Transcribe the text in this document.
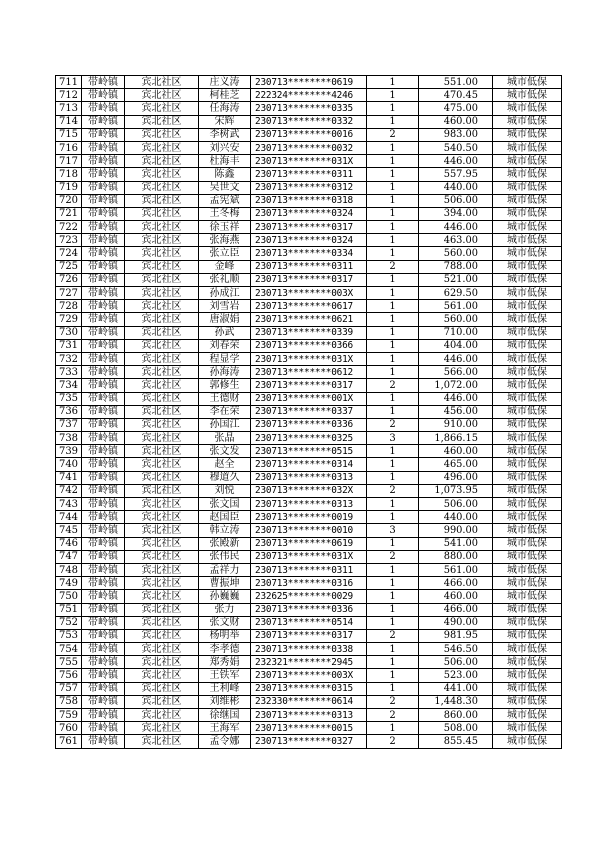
711	带岭镇	宾北社区	庄义涛	230713********0619	1	551.00	城市低保
712	带岭镇	宾北社区	柯桂芝	222324********4246	1	470.45	城市低保
713	带岭镇	宾北社区	任海涛	230713********0335	1	475.00	城市低保
714	带岭镇	宾北社区	宋辉	230713********0332	1	460.00	城市低保
715	带岭镇	宾北社区	李树武	230713********0016	2	983.00	城市低保
716	带岭镇	宾北社区	刘兴安	230713********0032	1	540.50	城市低保
717	带岭镇	宾北社区	杜海丰	230713********031X	1	446.00	城市低保
718	带岭镇	宾北社区	陈鑫	230713********0311	1	557.95	城市低保
719	带岭镇	宾北社区	吴世文	230713********0312	1	440.00	城市低保
720	带岭镇	宾北社区	孟宪斌	230713********0318	1	506.00	城市低保
721	带岭镇	宾北社区	王冬梅	230713********0324	1	394.00	城市低保
722	带岭镇	宾北社区	徐玉祥	230713********0317	1	446.00	城市低保
723	带岭镇	宾北社区	张海燕	230713********0324	1	463.00	城市低保
724	带岭镇	宾北社区	张立臣	230713********0334	1	560.00	城市低保
725	带岭镇	宾北社区	金峰	230713********0311	2	788.00	城市低保
726	带岭镇	宾北社区	张礼顺	230713********0317	1	521.00	城市低保
727	带岭镇	宾北社区	孙成江	230713********003X	1	629.50	城市低保
728	带岭镇	宾北社区	刘雪岩	230713********0617	1	561.00	城市低保
729	带岭镇	宾北社区	唐淑娟	230713********0621	1	560.00	城市低保
730	带岭镇	宾北社区	孙武	230713********0339	1	710.00	城市低保
731	带岭镇	宾北社区	刘春荣	230713********0366	1	404.00	城市低保
732	带岭镇	宾北社区	程显学	230713********031X	1	446.00	城市低保
733	带岭镇	宾北社区	孙海涛	230713********0612	1	566.00	城市低保
734	带岭镇	宾北社区	郭修生	230713********0317	2	1,072.00	城市低保
735	带岭镇	宾北社区	王德财	230713********001X	1	446.00	城市低保
736	带岭镇	宾北社区	李在荣	230713********0337	1	456.00	城市低保
737	带岭镇	宾北社区	孙国江	230713********0336	2	910.00	城市低保
738	带岭镇	宾北社区	张晶	230713********0325	3	1,866.15	城市低保
739	带岭镇	宾北社区	张文发	230713********0515	1	460.00	城市低保
740	带岭镇	宾北社区	赵全	230713********0314	1	465.00	城市低保
741	带岭镇	宾北社区	穆道久	230713********0313	1	496.00	城市低保
742	带岭镇	宾北社区	刘悦	230713********032X	2	1,073.95	城市低保
743	带岭镇	宾北社区	张文国	230713********0313	1	506.00	城市低保
744	带岭镇	宾北社区	赵国臣	230713********0019	1	440.00	城市低保
745	带岭镇	宾北社区	韩立涛	230713********0010	3	990.00	城市低保
746	带岭镇	宾北社区	张殿新	230713********0619	1	541.00	城市低保
747	带岭镇	宾北社区	张伟民	230713********031X	2	880.00	城市低保
748	带岭镇	宾北社区	孟祥力	230713********0311	1	561.00	城市低保
749	带岭镇	宾北社区	曹振坤	230713********0316	1	466.00	城市低保
750	带岭镇	宾北社区	孙巍巍	232625********0029	1	460.00	城市低保
751	带岭镇	宾北社区	张力	230713********0336	1	466.00	城市低保
752	带岭镇	宾北社区	张文财	230713********0514	1	490.00	城市低保
753	带岭镇	宾北社区	杨明举	230713********0317	2	981.95	城市低保
754	带岭镇	宾北社区	李孝德	230713********0338	1	546.50	城市低保
755	带岭镇	宾北社区	郑秀娟	232321********2945	1	506.00	城市低保
756	带岭镇	宾北社区	王铁军	230713********003X	1	523.00	城市低保
757	带岭镇	宾北社区	王利峰	230713********0315	1	441.00	城市低保
758	带岭镇	宾北社区	刘维彬	232330********0614	2	1,448.30	城市低保
759	带岭镇	宾北社区	徐继国	230713********0313	2	860.00	城市低保
760	带岭镇	宾北社区	王海军	230713********0015	1	508.00	城市低保
761	带岭镇	宾北社区	孟令娜	230713********0327	2	855.45	城市低保
